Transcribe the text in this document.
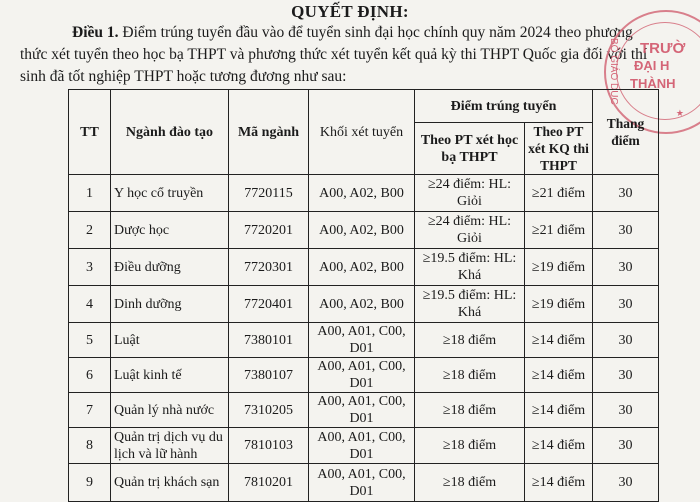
QUYẾT ĐỊNH:
Điều 1. Điểm trúng tuyển đầu vào để tuyển sinh đại học chính quy năm 2024 theo phương thức xét tuyển theo học bạ THPT và phương thức xét tuyển kết quả kỳ thi THPT Quốc gia đối với thí sinh đã tốt nghiệp THPT hoặc tương đương như sau:	BỘ GIÁO DỤC TRƯỜ
ĐẠI H
THÀNH
★
TT	Ngành đào tạo	Mã ngành	Khối xét tuyển	Điểm trúng tuyển		Thang điểm
				Theo PT xét học bạ THPT	Theo PT xét KQ thi THPT	
1	Y học cổ truyền	7720115	A00, A02, B00	≥24 điểm: HL: Giỏi	≥21 điểm	30
2	Dược học	7720201	A00, A02, B00	≥24 điểm: HL: Giỏi	≥21 điểm	30
3	Điều dưỡng	7720301	A00, A02, B00	≥19.5 điểm: HL: Khá	≥19 điểm	30
4	Dinh dưỡng	7720401	A00, A02, B00	≥19.5 điểm: HL: Khá	≥19 điểm	30
5	Luật	7380101	A00, A01, C00, D01	≥18 điểm	≥14 điểm	30
6	Luật kinh tế	7380107	A00, A01, C00, D01	≥18 điểm	≥14 điểm	30
7	Quản lý nhà nước	7310205	A00, A01, C00, D01	≥18 điểm	≥14 điểm	30
8	Quản trị dịch vụ du lịch và lữ hành	7810103	A00, A01, C00, D01	≥18 điểm	≥14 điểm	30
9	Quản trị khách sạn	7810201	A00, A01, C00, D01	≥18 điểm	≥14 điểm	30
